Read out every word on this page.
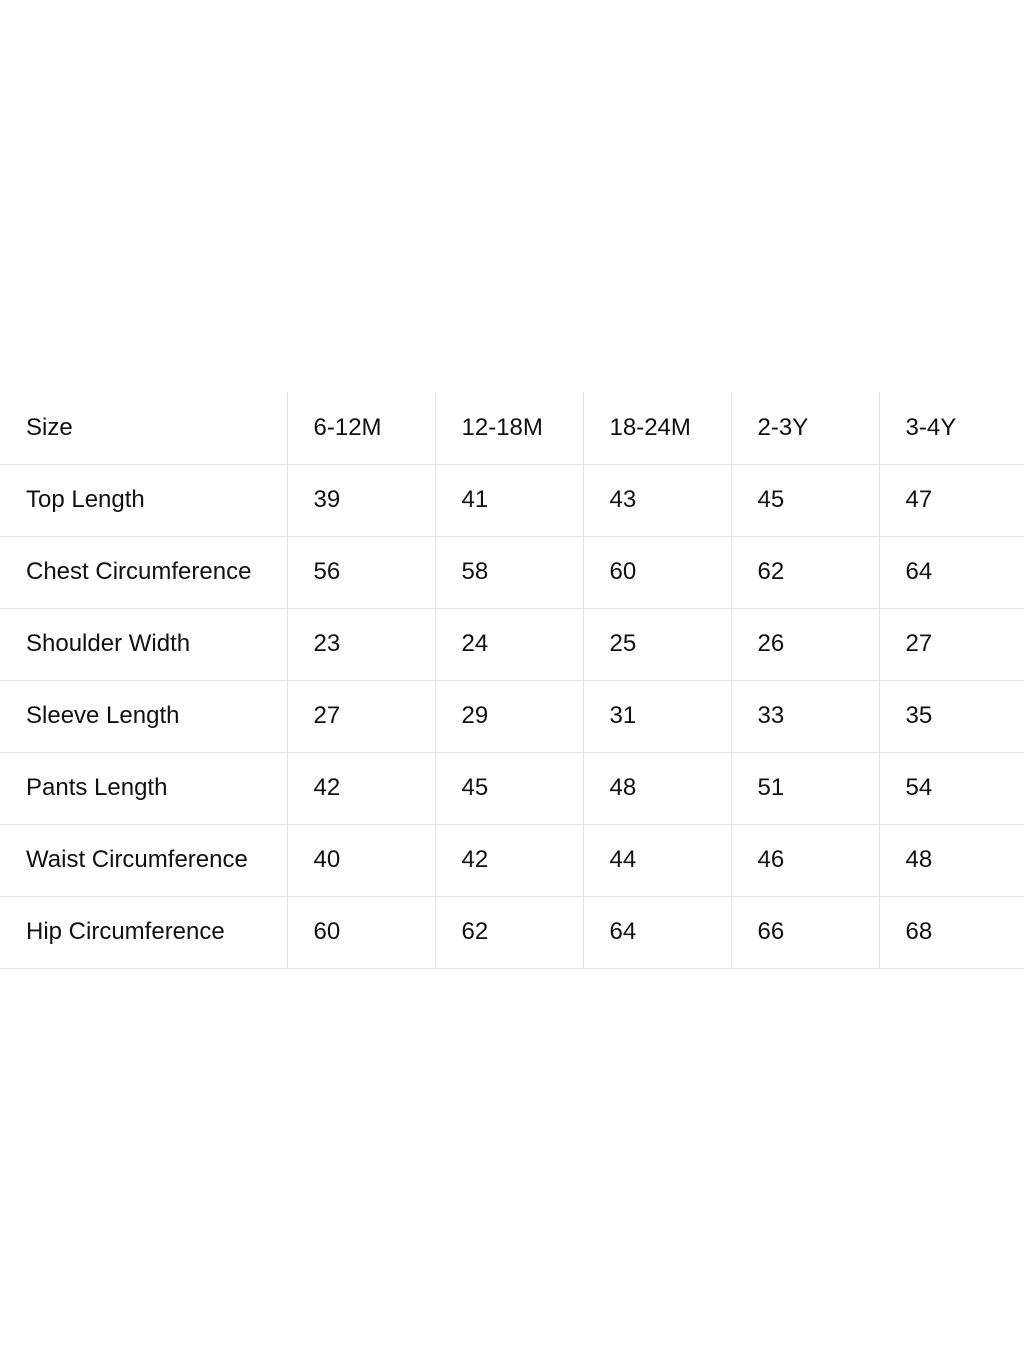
Size	6-12M	12-18M	18-24M	2-3Y	3-4Y
Top Length	39	41	43	45	47
Chest Circumference	56	58	60	62	64
Shoulder Width	23	24	25	26	27
Sleeve Length	27	29	31	33	35
Pants Length	42	45	48	51	54
Waist Circumference	40	42	44	46	48
Hip Circumference	60	62	64	66	68
